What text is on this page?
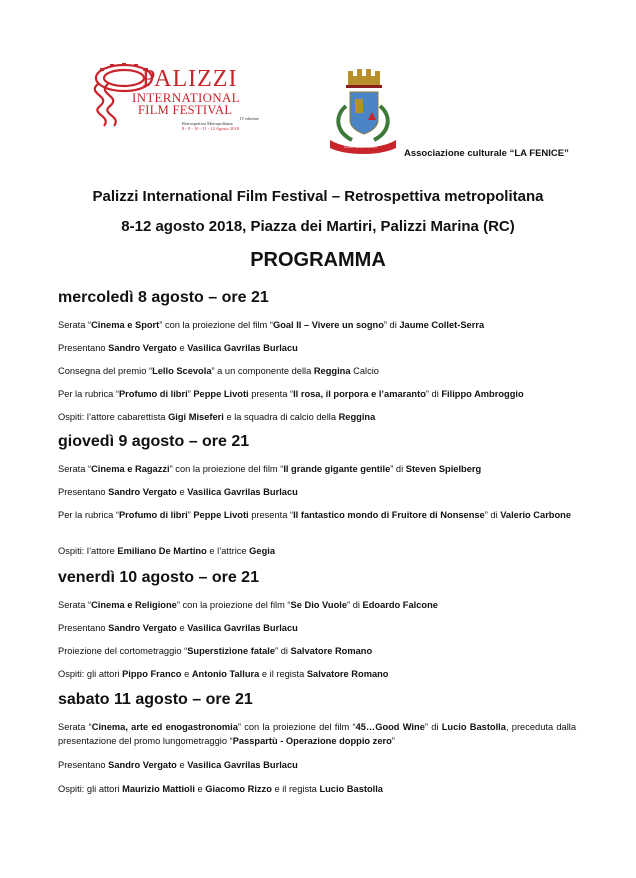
PALIZZI
INTERNATIONAL
FILM FESTIVAL
IV edizione
Retrospettiva Metropolitana
8 - 9 - 10 - 11 - 12 Agosto 2018
COMUNE di PALIZZI
Associazione culturale “LA FENICE”
Palizzi International Film Festival – Retrospettiva metropolitana
8-12 agosto 2018, Piazza dei Martiri, Palizzi Marina (RC)
PROGRAMMA
mercoledì 8 agosto – ore 21
Serata “Cinema e Sport” con la proiezione del film “Goal II – Vivere un sogno” di Jaume Collet-Serra
Presentano Sandro Vergato e Vasilica Gavrilas Burlacu
Consegna del premio “Lello Scevola” a un componente della Reggina Calcio
Per la rubrica “Profumo di libri” Peppe Livoti presenta “Il rosa, il porpora e l’amaranto” di Filippo Ambroggio
Ospiti: l’attore cabarettista Gigi Miseferi e la squadra di calcio della Reggina
giovedì 9 agosto – ore 21
Serata “Cinema e Ragazzi” con la proiezione del film “Il grande gigante gentile” di Steven Spielberg
Presentano Sandro Vergato e Vasilica Gavrilas Burlacu
Per la rubrica “Profumo di libri” Peppe Livoti presenta “Il fantastico mondo di Fruitore di Nonsense” di Valerio Carbone
Ospiti: l’attore Emiliano De Martino e l’attrice Gegia
venerdì 10 agosto – ore 21
Serata “Cinema e Religione” con la proiezione del film “Se Dio Vuole” di Edoardo Falcone
Presentano Sandro Vergato e Vasilica Gavrilas Burlacu
Proiezione del cortometraggio “Superstizione fatale” di Salvatore Romano
Ospiti: gli attori Pippo Franco e Antonio Tallura e il regista Salvatore Romano
sabato 11 agosto – ore 21
Serata “Cinema, arte ed enogastronomia” con la proiezione del film “45…Good Wine” di Lucio Bastolla, preceduta dalla presentazione del promo lungometraggio “Passpartù - Operazione doppio zero”
Presentano Sandro Vergato e Vasilica Gavrilas Burlacu
Ospiti: gli attori Maurizio Mattioli e Giacomo Rizzo e il regista Lucio Bastolla
